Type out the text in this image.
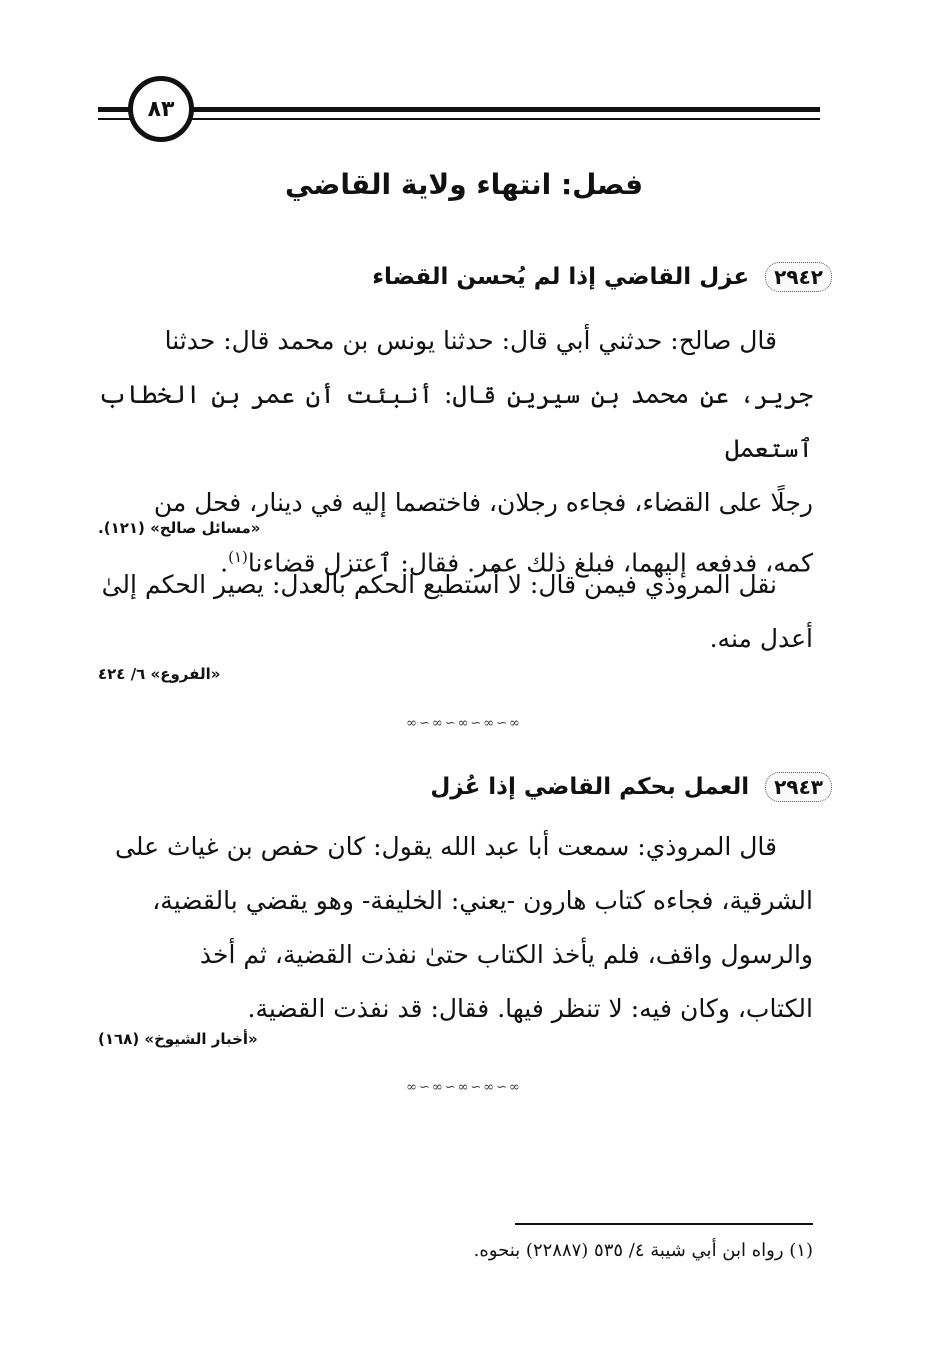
٨٣
فصل: انتهاء ولاية القاضي
٢٩٤٢
عزل القاضي إذا لم يُحسن القضاء
قال صالح: حدثني أبي قال: حدثنا يونس بن محمد قال: حدثنا
جرير، عن محمد بن سيرين قال: أنبئت أن عمر بن الخطاب ٱستعمل
رجلًا على القضاء، فجاءه رجلان، فاختصما إليه في دينار، فحل من
كمه، فدفعه إليهما، فبلغ ذلك عمر. فقال: ٱعتزل قضاءنا$^{(١)}$.
«مسائل صالح» (١٢١).
نقل المروذي فيمن قال: لا أستطيع الحكم بالعدل: يصير الحكم إلىٰ
أعدل منه.
«الفروع» ٦/ ٤٢٤
∞∽∞∽∞∽∞∽∞
٢٩٤٣
العمل بحكم القاضي إذا عُزل
قال المروذي: سمعت أبا عبد الله يقول: كان حفص بن غياث على
الشرقية، فجاءه كتاب هارون -يعني: الخليفة- وهو يقضي بالقضية،
والرسول واقف، فلم يأخذ الكتاب حتىٰ نفذت القضية، ثم أخذ
الكتاب، وكان فيه: لا تنظر فيها. فقال: قد نفذت القضية.
«أخبار الشيوخ» (١٦٨)
∞∽∞∽∞∽∞∽∞
(١) رواه ابن أبي شيبة ٤/ ٥٣٥ (٢٢٨٨٧) بنحوه.
